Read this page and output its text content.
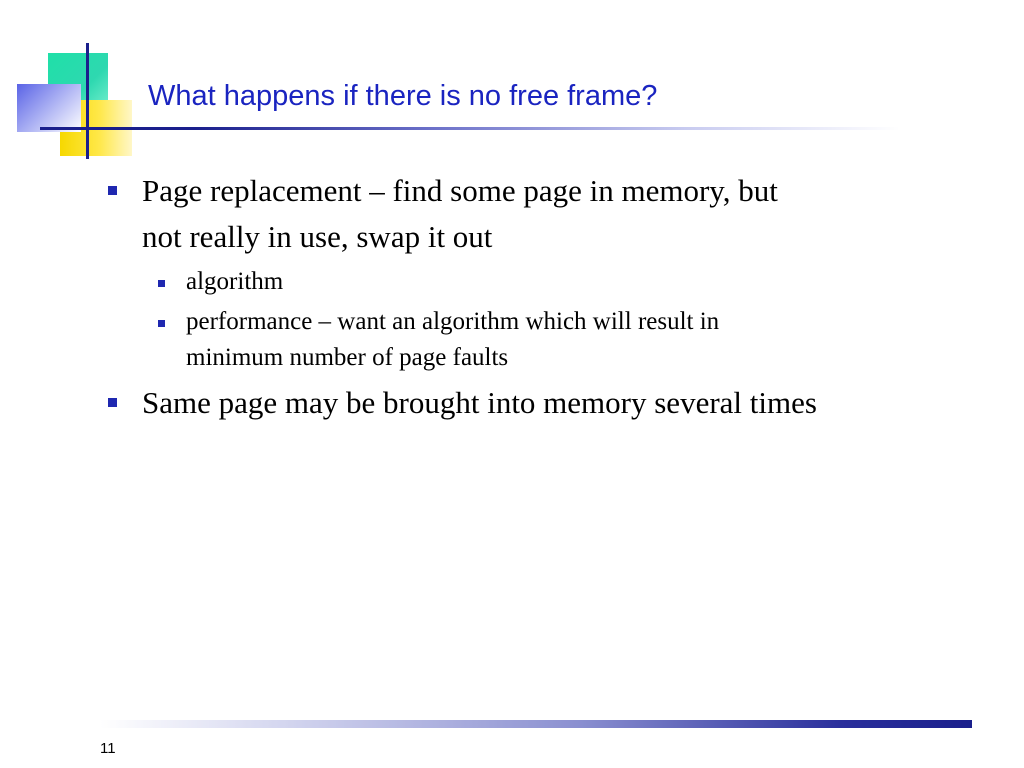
What happens if there is no free frame?
Page replacement – find some page in memory, but not really in use, swap it out
algorithm
performance – want an algorithm which will result in minimum number of page faults
Same page may be brought into memory several times
11
